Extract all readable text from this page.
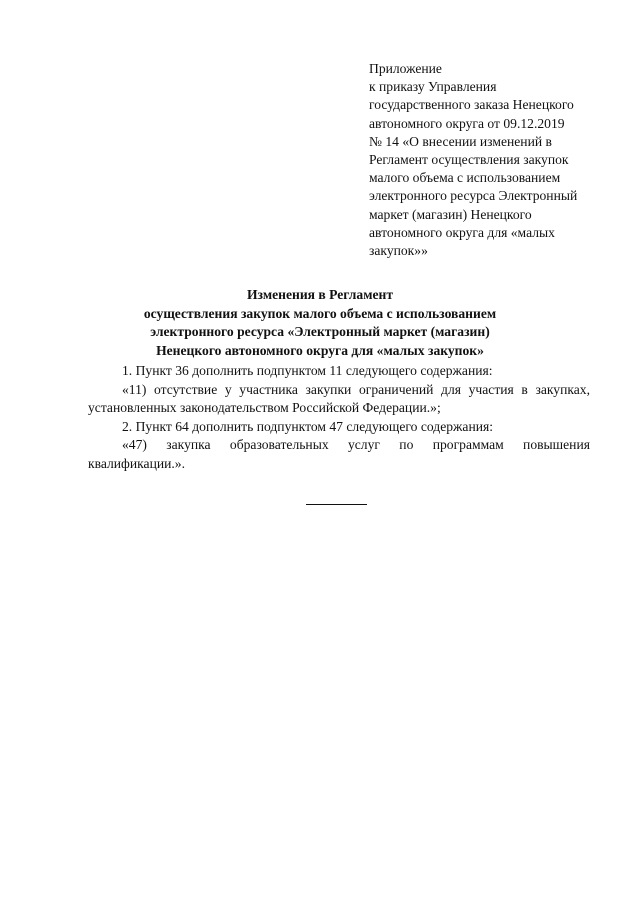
Приложение
к приказу Управления
государственного заказа Ненецкого
автономного округа от 09.12.2019
№ 14 «О внесении изменений в
Регламент осуществления закупок
малого объема с использованием
электронного ресурса Электронный
маркет (магазин) Ненецкого
автономного округа для «малых
закупок»»
Изменения в Регламент
осуществления закупок малого объема с использованием
электронного ресурса «Электронный маркет (магазин)
Ненецкого автономного округа для «малых закупок»

1. Пункт 36 дополнить подпунктом 11 следующего содержания:

«11) отсутствие у участника закупки ограничений для участия в закупках, установленных законодательством Российской Федерации.»;

2. Пункт 64 дополнить подпунктом 47 следующего содержания:

«47) закупка образовательных услуг по программам повышения

квалификации.».
